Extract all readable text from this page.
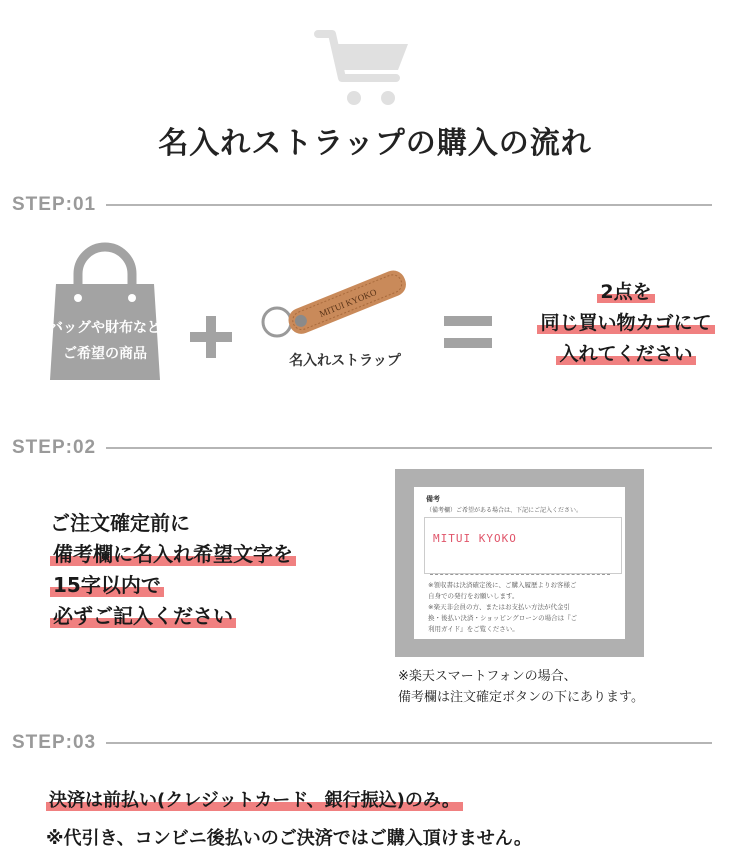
名入れストラップの購入の流れ
STEP:01
バッグや財布など
ご希望の商品
MITUI KYOKO
名入れストラップ
2点を
同じ買い物カゴにて
入れてください
STEP:02
ご注文確定前に
備考欄に名入れ希望文字を
15字以内で
必ずご記入ください
備考
（備考欄）ご希望がある場合は、下記にご記入ください。
MITUI KYOKO
※領収書は決済確定後に、ご購入履歴よりお客様ご
自身での発行をお願いします。
※楽天非会員の方、またはお支払い方法が代金引
換・後払い決済・ショッピングローンの場合は『ご
利用ガイド』をご覧ください。
※楽天スマートフォンの場合、
備考欄は注文確定ボタンの下にあります。
STEP:03
決済は前払い(クレジットカード、銀行振込)のみ。
※代引き、コンビニ後払いのご決済ではご購入頂けません。
